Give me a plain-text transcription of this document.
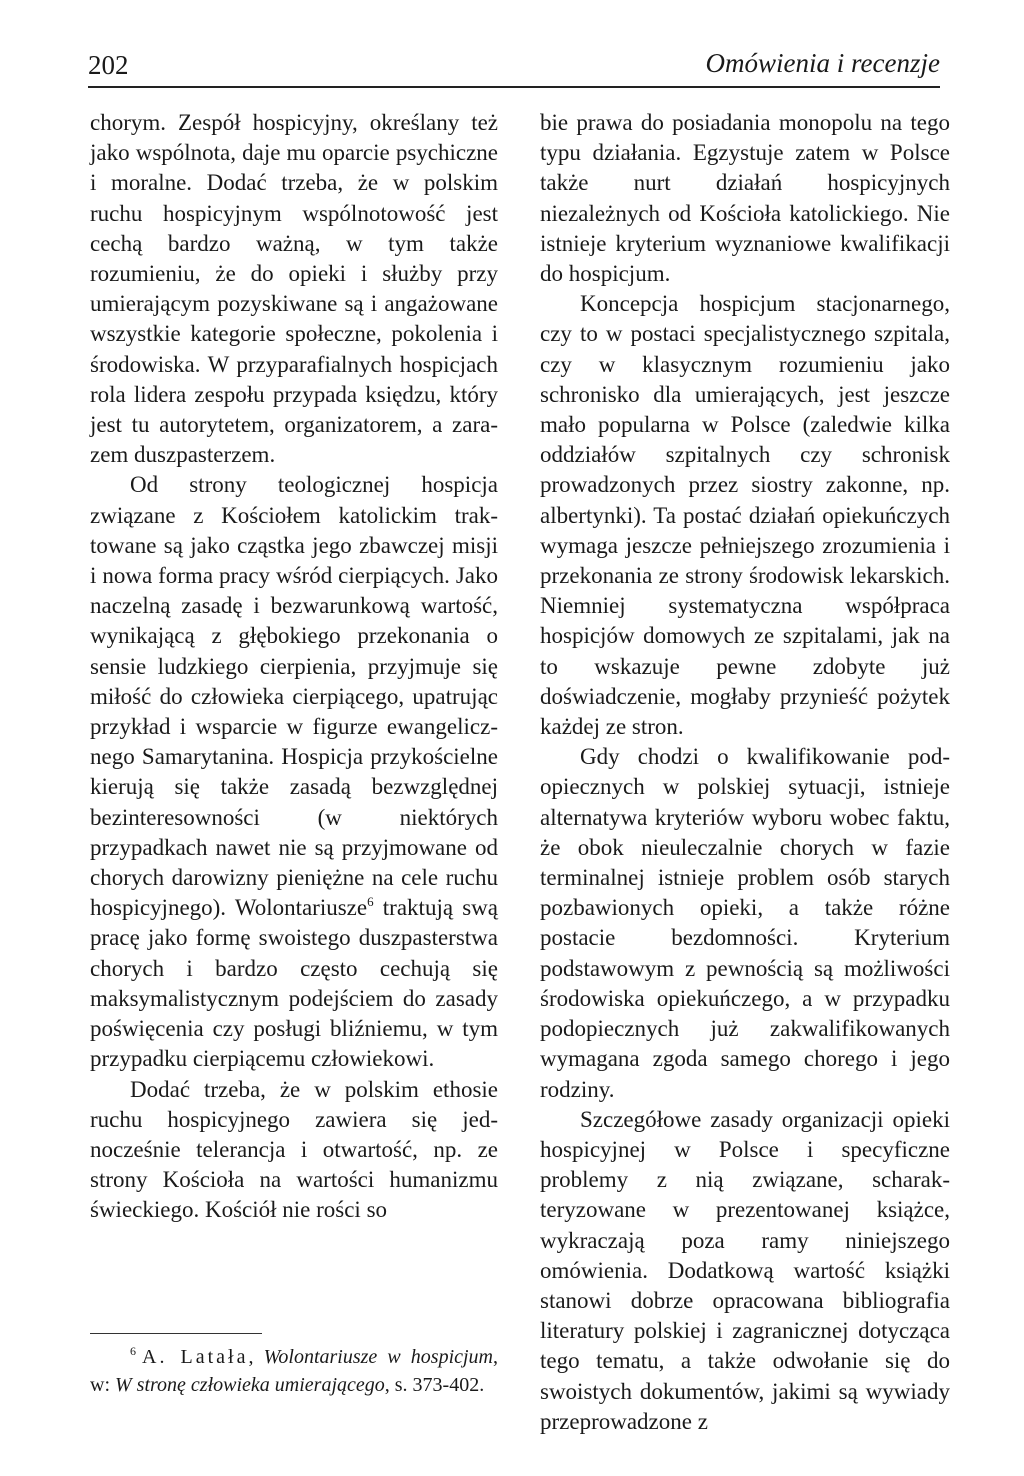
202	Omówienia i recenzje

chorym. Zespół hospicyjny, określany też jako wspólnota, daje mu oparcie psychiczne i moralne. Dodać trzeba, że w polskim ruchu hospicyjnym wspólnotowość jest cechą bardzo ważną, w tym także rozumieniu, że do opieki i służby przy umierającym pozyskiwane są i angażowane wszystkie kategorie społeczne, pokolenia i środowiska. W przyparafialnych hospicjach rola lidera zespołu przypada księdzu, który jest tu autorytetem, organizatorem, a zarazem duszpasterzem.

Od strony teologicznej hospicja związane z Kościołem katolickim traktowane są jako cząstka jego zbawczej misji i nowa forma pracy wśród cierpiących. Jako naczelną zasadę i bezwarunkową wartość, wynikającą z głębokiego przekonania o sensie ludzkiego cierpienia, przyjmuje się miłość do człowieka cierpiącego, upatrując przykład i wsparcie w figurze ewangelicznego Samarytanina. Hospicja przykościelne kierują się także zasadą bezwzględnej bezinteresowności (w niektórych przypadkach nawet nie są przyjmowane od chorych darowizny pieniężne na cele ruchu hospicyjnego). Wolontariusze$^6$ traktują swą pracę jako formę swoistego duszpasterstwa chorych i bardzo często cechują się maksymalistycznym podejściem do zasady poświęcenia czy posługi bliźniemu, w tym przypadku cierpiącemu człowiekowi.

Dodać trzeba, że w polskim ethosie ruchu hospicyjnego zawiera się jednocześnie telerancja i otwartość, np. ze strony Kościoła na wartości humanizmu świeckiego. Kościół nie rości so

$^6$ A. Latała, Wolontariusze w hospicjum, w: W stronę człowieka umierającego, s. 373-402.

bie prawa do posiadania monopolu na tego typu działania. Egzystuje zatem w Polsce także nurt działań hospicyjnych niezależnych od Kościoła katolickiego. Nie istnieje kryterium wyznaniowe kwalifikacji do hospicjum.

Koncepcja hospicjum stacjonarnego, czy to w postaci specjalistycznego szpitala, czy w klasycznym rozumieniu jako schronisko dla umierających, jest jeszcze mało popularna w Polsce (zaledwie kilka oddziałów szpitalnych czy schronisk prowadzonych przez siostry zakonne, np. albertynki). Ta postać działań opiekuńczych wymaga jeszcze pełniejszego zrozumienia i przekonania ze strony środowisk lekarskich. Niemniej systematyczna współpraca hospicjów domowych ze szpitalami, jak na to wskazuje pewne zdobyte już doświadczenie, mogłaby przynieść pożytek każdej ze stron.

Gdy chodzi o kwalifikowanie podopiecznych w polskiej sytuacji, istnieje alternatywa kryteriów wyboru wobec faktu, że obok nieuleczalnie chorych w fazie terminalnej istnieje problem osób starych pozbawionych opieki, a także różne postacie bezdomności. Kryterium podstawowym z pewnością są możliwości środowiska opiekuńczego, a w przypadku podopiecznych już zakwalifikowanych wymagana zgoda samego chorego i jego rodziny.

Szczegółowe zasady organizacji opieki hospicyjnej w Polsce i specyficzne problemy z nią związane, scharakteryzowane w prezentowanej książce, wykraczają poza ramy niniejszego omówienia. Dodatkową wartość książki stanowi dobrze opracowana bibliografia literatury polskiej i zagranicznej dotycząca tego tematu, a także odwołanie się do swoistych dokumentów, jakimi są wywiady przeprowadzone z
